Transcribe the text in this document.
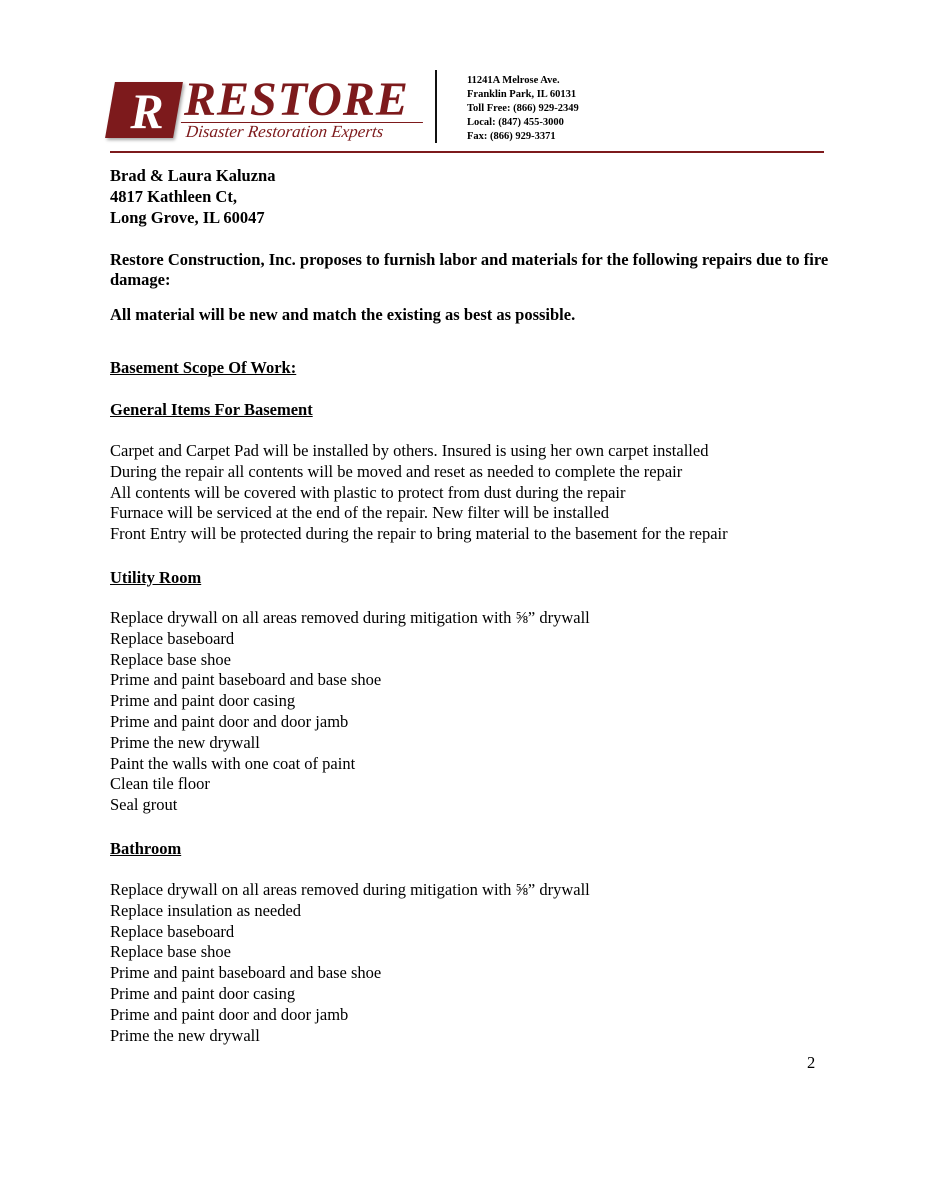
R RESTORE
Disaster Restoration Experts
11241A Melrose Ave.
Franklin Park, IL 60131
Toll Free: (866) 929-2349
Local: (847) 455-3000
Fax: (866) 929-3371
Brad & Laura Kaluzna
4817 Kathleen Ct,
Long Grove, IL 60047
Restore Construction, Inc. proposes to furnish labor and materials for the following repairs due to fire damage:
All material will be new and match the existing as best as possible.
Basement Scope Of Work:
General Items For Basement
Carpet and Carpet Pad will be installed by others. Insured is using her own carpet installed
During the repair all contents will be moved and reset as needed to complete the repair
All contents will be covered with plastic to protect from dust during the repair
Furnace will be serviced at the end of the repair. New filter will be installed
Front Entry will be protected during the repair to bring material to the basement for the repair
Utility Room
Replace drywall on all areas removed during mitigation with ⅝” drywall
Replace baseboard
Replace base shoe
Prime and paint baseboard and base shoe
Prime and paint door casing
Prime and paint door and door jamb
Prime the new drywall
Paint the walls with one coat of paint
Clean tile floor
Seal grout
Bathroom
Replace drywall on all areas removed during mitigation with ⅝” drywall
Replace insulation as needed
Replace baseboard
Replace base shoe
Prime and paint baseboard and base shoe
Prime and paint door casing
Prime and paint door and door jamb
Prime the new drywall
2
